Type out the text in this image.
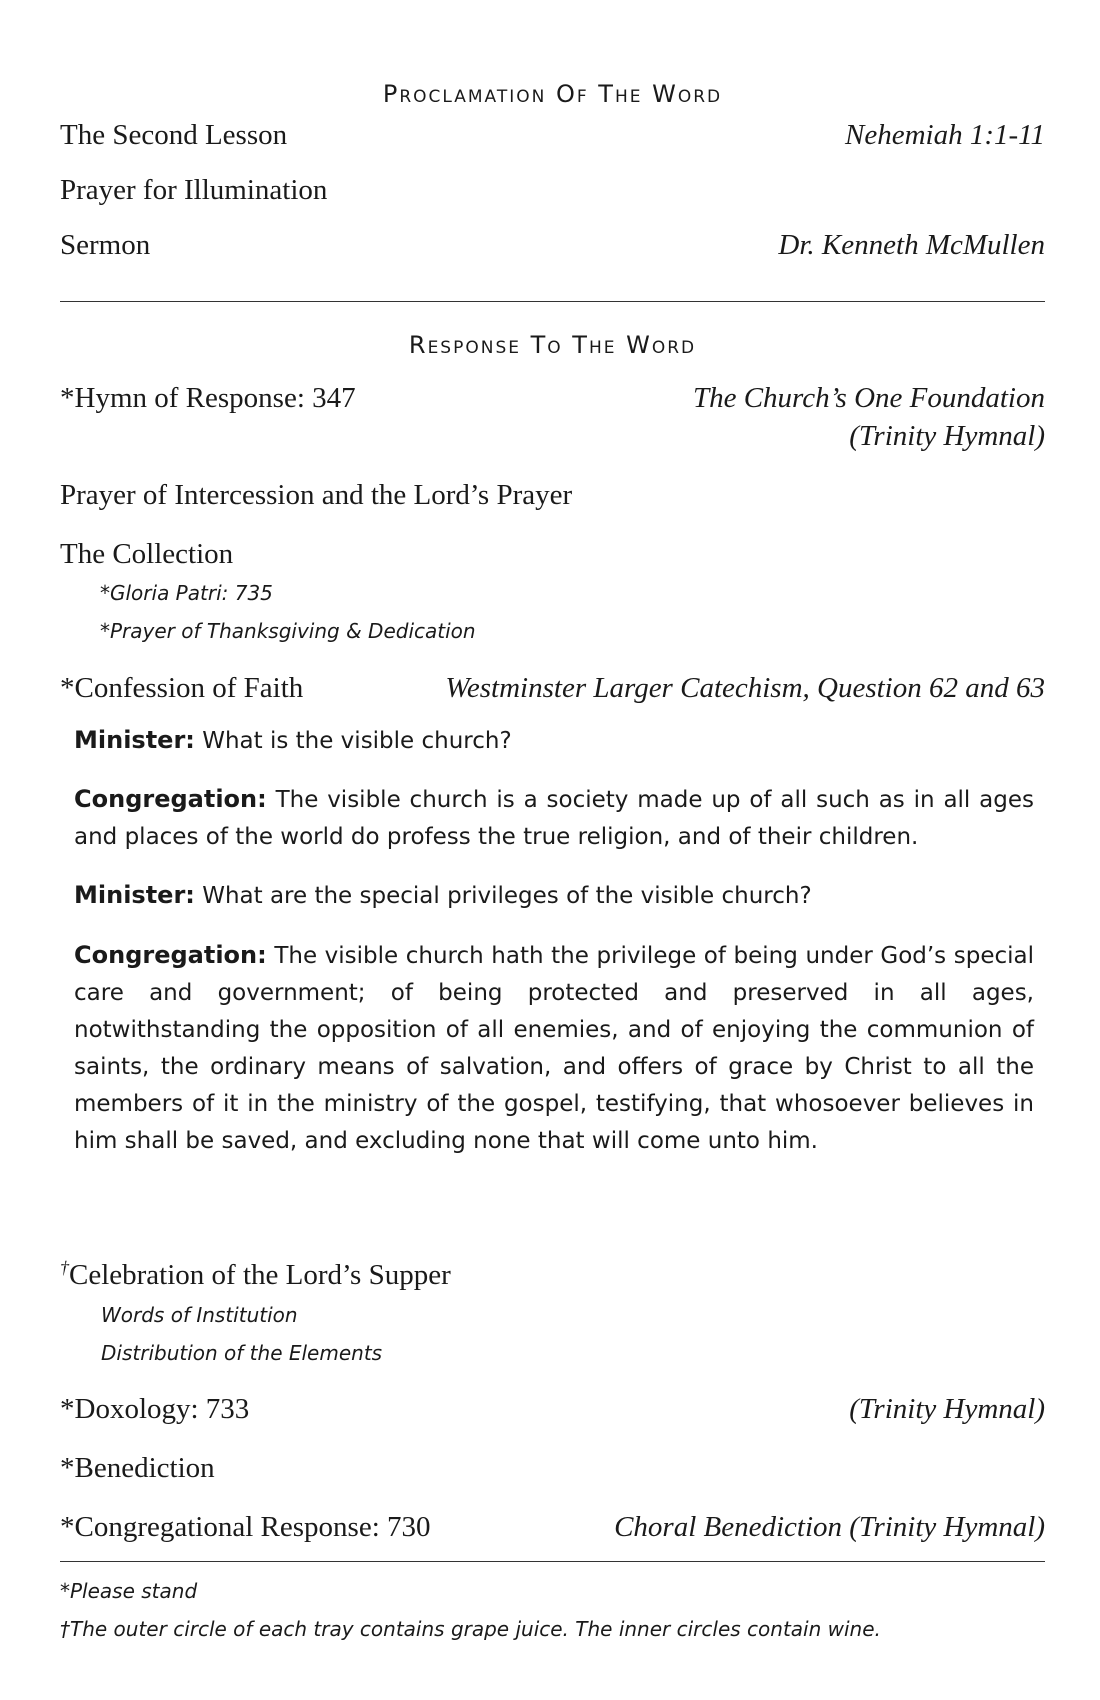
Proclamation Of The Word
The Second Lesson	Nehemiah 1:1-11
Prayer for Illumination
Sermon	Dr. Kenneth McMullen
Response To The Word
*Hymn of Response: 347	The Church’s One Foundation
(Trinity Hymnal)
Prayer of Intercession and the Lord’s Prayer
The Collection
*Gloria Patri: 735
*Prayer of Thanksgiving & Dedication
*Confession of Faith	Westminster Larger Catechism, Question 62 and 63
Minister: What is the visible church?
Congregation: The visible church is a society made up of all such as in all ages and places of the world do profess the true religion, and of their children.
Minister: What are the special privileges of the visible church?
Congregation: The visible church hath the privilege of being under God’s special care and government; of being protected and preserved in all ages, notwithstanding the opposition of all enemies, and of enjoying the communion of saints, the ordinary means of salvation, and offers of grace by Christ to all the members of it in the ministry of the gospel, testifying, that whosoever believes in him shall be saved, and excluding none that will come unto him.
†Celebration of the Lord’s Supper
Words of Institution
Distribution of the Elements
*Doxology: 733	(Trinity Hymnal)
*Benediction
*Congregational Response: 730	Choral Benediction (Trinity Hymnal)
*Please stand
†The outer circle of each tray contains grape juice. The inner circles contain wine.
